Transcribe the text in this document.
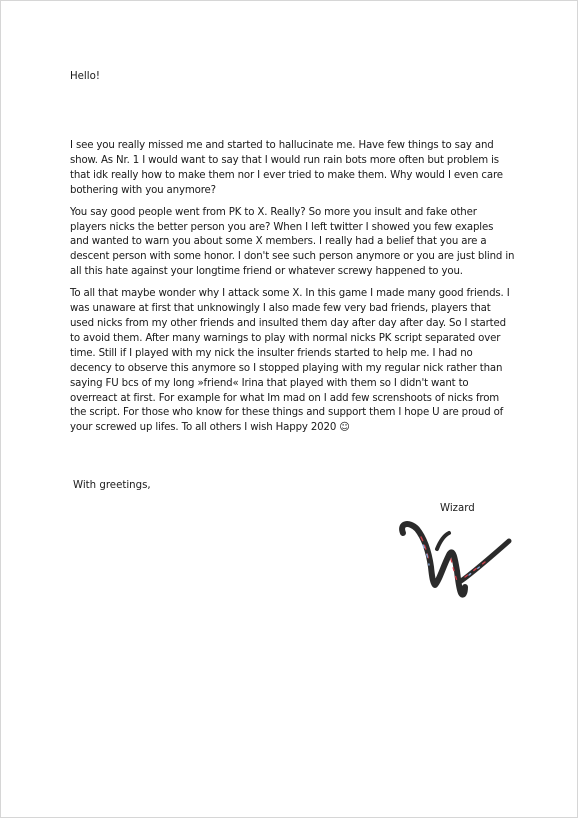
Hello!

I see you really missed me and started to hallucinate me. Have few things to say and show. As Nr. 1 I would want to say that I would run rain bots more often but problem is that idk really how to make them nor I ever tried to make them. Why would I even care bothering with you anymore?

You say good people went from PK to X. Really? So more you insult and fake other players nicks the better person you are? When I left twitter I showed you few exaples and wanted to warn you about some X members. I really had a belief that you are a descent person with some honor. I don't see such person anymore or you are just blind in all this hate against your longtime friend or whatever screwy happened to you.

To all that maybe wonder why I attack some X. In this game I made many good friends. I was unaware at first that unknowingly I also made few very bad friends, players that used nicks from my other friends and insulted them day after day after day. So I started to avoid them. After many warnings to play with normal nicks PK script separated over time. Still if I played with my nick the insulter friends started to help me. I had no decency to observe this anymore so I stopped playing with my regular nick rather than saying FU bcs of my long »friend« Irina that played with them so I didn't want to overreact at first. For example for what Im mad on I add few screnshoots of nicks from the script. For those who know for these things and support them I hope U are proud of your screwed up lifes. To all others I wish Happy 2020 ☺

With greetings,
Wizard
